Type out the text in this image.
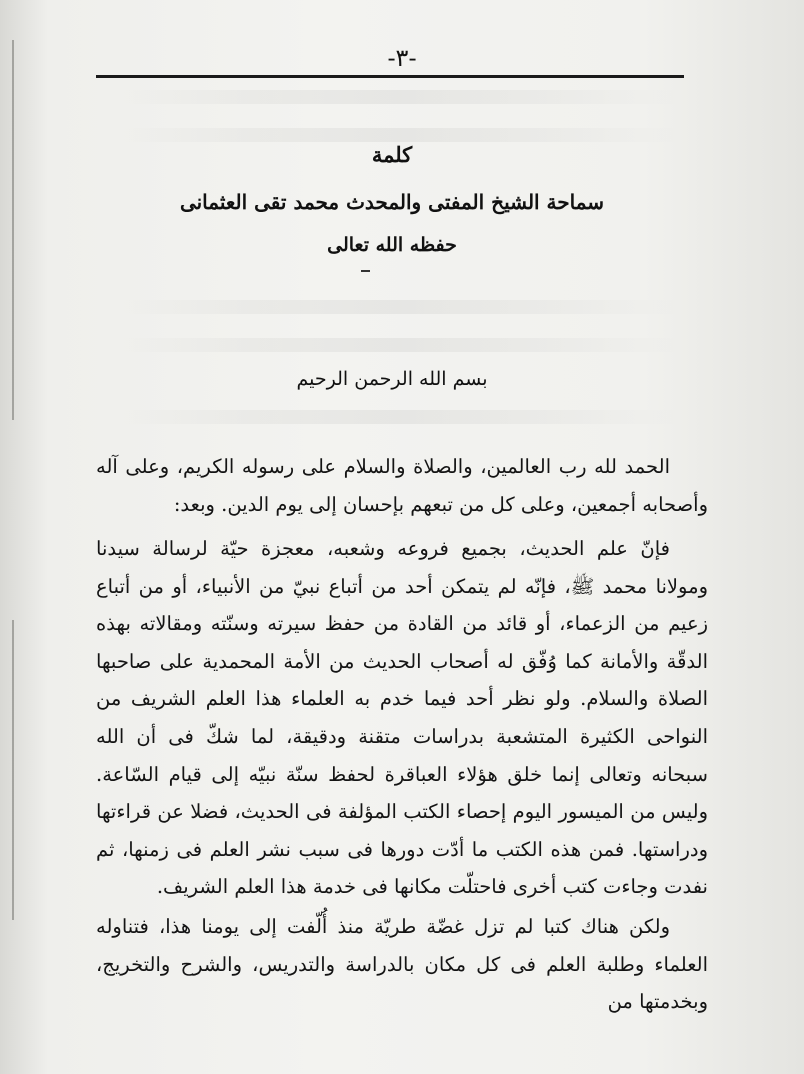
-٣-
كلمة
سماحة الشيخ المفتى والمحدث محمد تقى العثمانى
حفظه الله تعالى
بسم الله الرحمن الرحيم

الحمد لله رب العالمين، والصلاة والسلام على رسوله الكريم، وعلى آله وأصحابه أجمعين، وعلى كل من تبعهم بإحسان إلى يوم الدين. وبعد:

فإنّ علم الحديث، بجميع فروعه وشعبه، معجزة حيّة لرسالة سيدنا ومولانا محمد ﷺ، فإنّه لم يتمكن أحد من أتباع نبيّ من الأنبياء، أو من أتباع زعيم من الزعماء، أو قائد من القادة من حفظ سيرته وسنّته ومقالاته بهذه الدقّة والأمانة كما وُفّق له أصحاب الحديث من الأمة المحمدية على صاحبها الصلاة والسلام. ولو نظر أحد فيما خدم به العلماء هذا العلم الشريف من النواحى الكثيرة المتشعبة بدراسات متقنة ودقيقة، لما شكّ فى أن الله سبحانه وتعالى إنما خلق هؤلاء العباقرة لحفظ سنّة نبيّه إلى قيام السّاعة. وليس من الميسور اليوم إحصاء الكتب المؤلفة فى الحديث، فضلا عن قراءتها ودراستها. فمن هذه الكتب ما أدّت دورها فى سبب نشر العلم فى زمنها، ثم نفدت وجاءت كتب أخرى فاحتلّت مكانها فى خدمة هذا العلم الشريف.

ولكن هناك كتبا لم تزل غضّة طريّة منذ أُلّفت إلى يومنا هذا، فتناوله العلماء وطلبة العلم فى كل مكان بالدراسة والتدريس، والشرح والتخريج، وبخدمتها من
